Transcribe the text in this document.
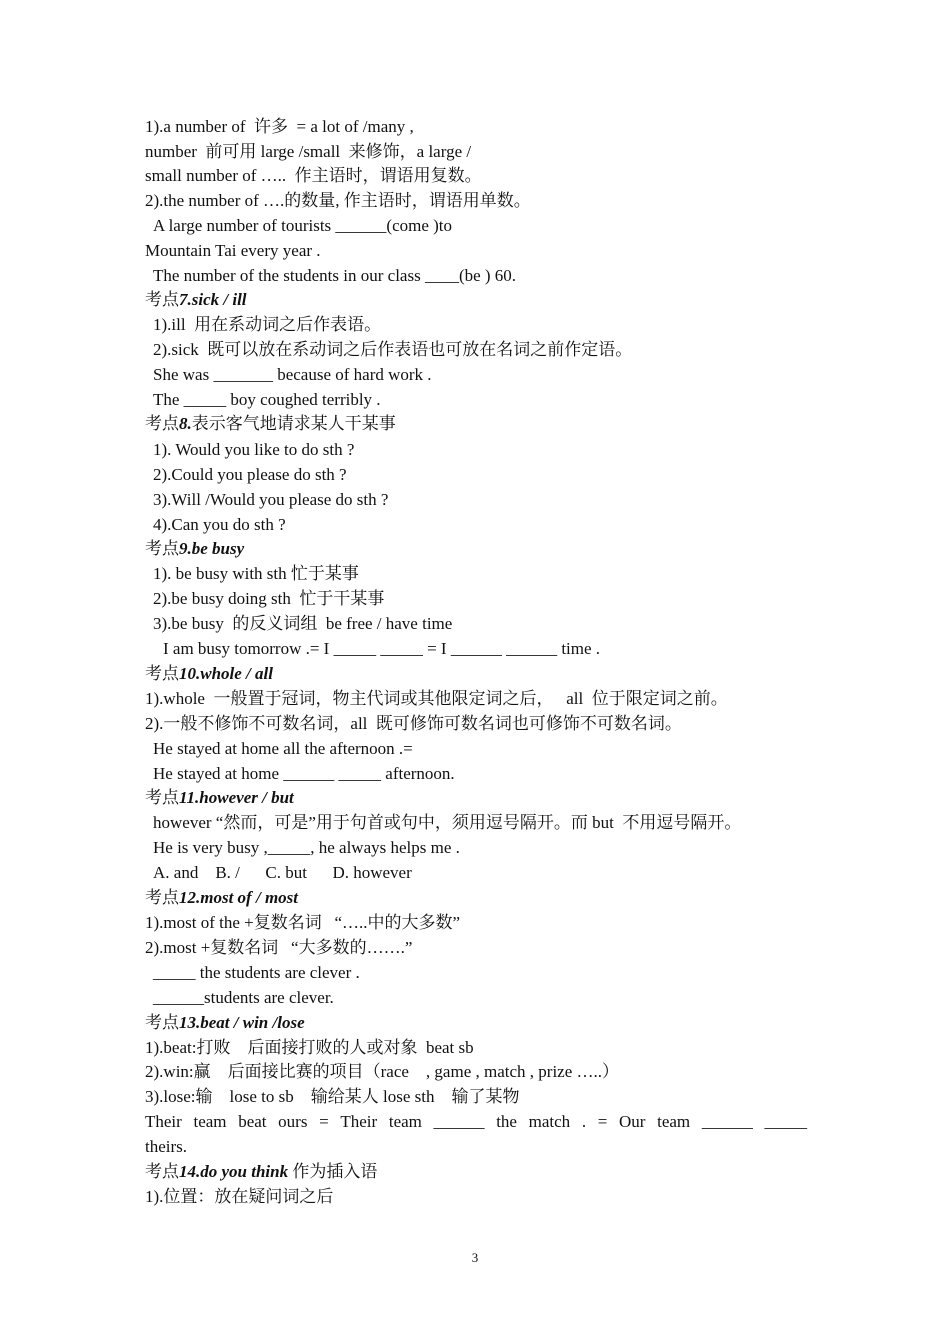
1).a number of  许多  = a lot of /many ,
number  前可用 large /small  来修饰，a large /
small number of …..  作主语时，谓语用复数。
2).the number of ….的数量, 作主语时，谓语用单数。
A large number of tourists ______(come )to
Mountain Tai every year .
The number of the students in our class ____(be ) 60.
考点7.sick / ill
1).ill  用在系动词之后作表语。
2).sick  既可以放在系动词之后作表语也可放在名词之前作定语。
She was _______ because of hard work .
The _____ boy coughed terribly .
考点8.表示客气地请求某人干某事
1). Would you like to do sth ?
2).Could you please do sth ?
3).Will /Would you please do sth ?
4).Can you do sth ?
考点9.be busy
1). be busy with sth 忙于某事
2).be busy doing sth  忙于干某事
3).be busy  的反义词组  be free / have time
I am busy tomorrow .= I _____ _____ = I ______ ______ time .
考点10.whole / all
1).whole  一般置于冠词，物主代词或其他限定词之后，   all  位于限定词之前。
2).一般不修饰不可数名词，all  既可修饰可数名词也可修饰不可数名词。
He stayed at home all the afternoon .=
He stayed at home ______ _____ afternoon.
考点11.however / but
however “然而，可是”用于句首或句中，须用逗号隔开。而 but  不用逗号隔开。
He is very busy ,_____, he always helps me .
A. and    B. /      C. but      D. however
考点12.most of / most
1).most of the +复数名词   “…..中的大多数”
2).most +复数名词   “大多数的…….”
_____ the students are clever .
______students are clever.
考点13.beat / win /lose
1).beat:打败    后面接打败的人或对象  beat sb
2).win:赢    后面接比赛的项目（race    , game , match , prize …..）
3).lose:输    lose to sb    输给某人 lose sth    输了某物
Their team beat ours = Their team ______ the match . = Our team ______ _____
theirs.
考点14.do you think 作为插入语
1).位置：放在疑问词之后
3
